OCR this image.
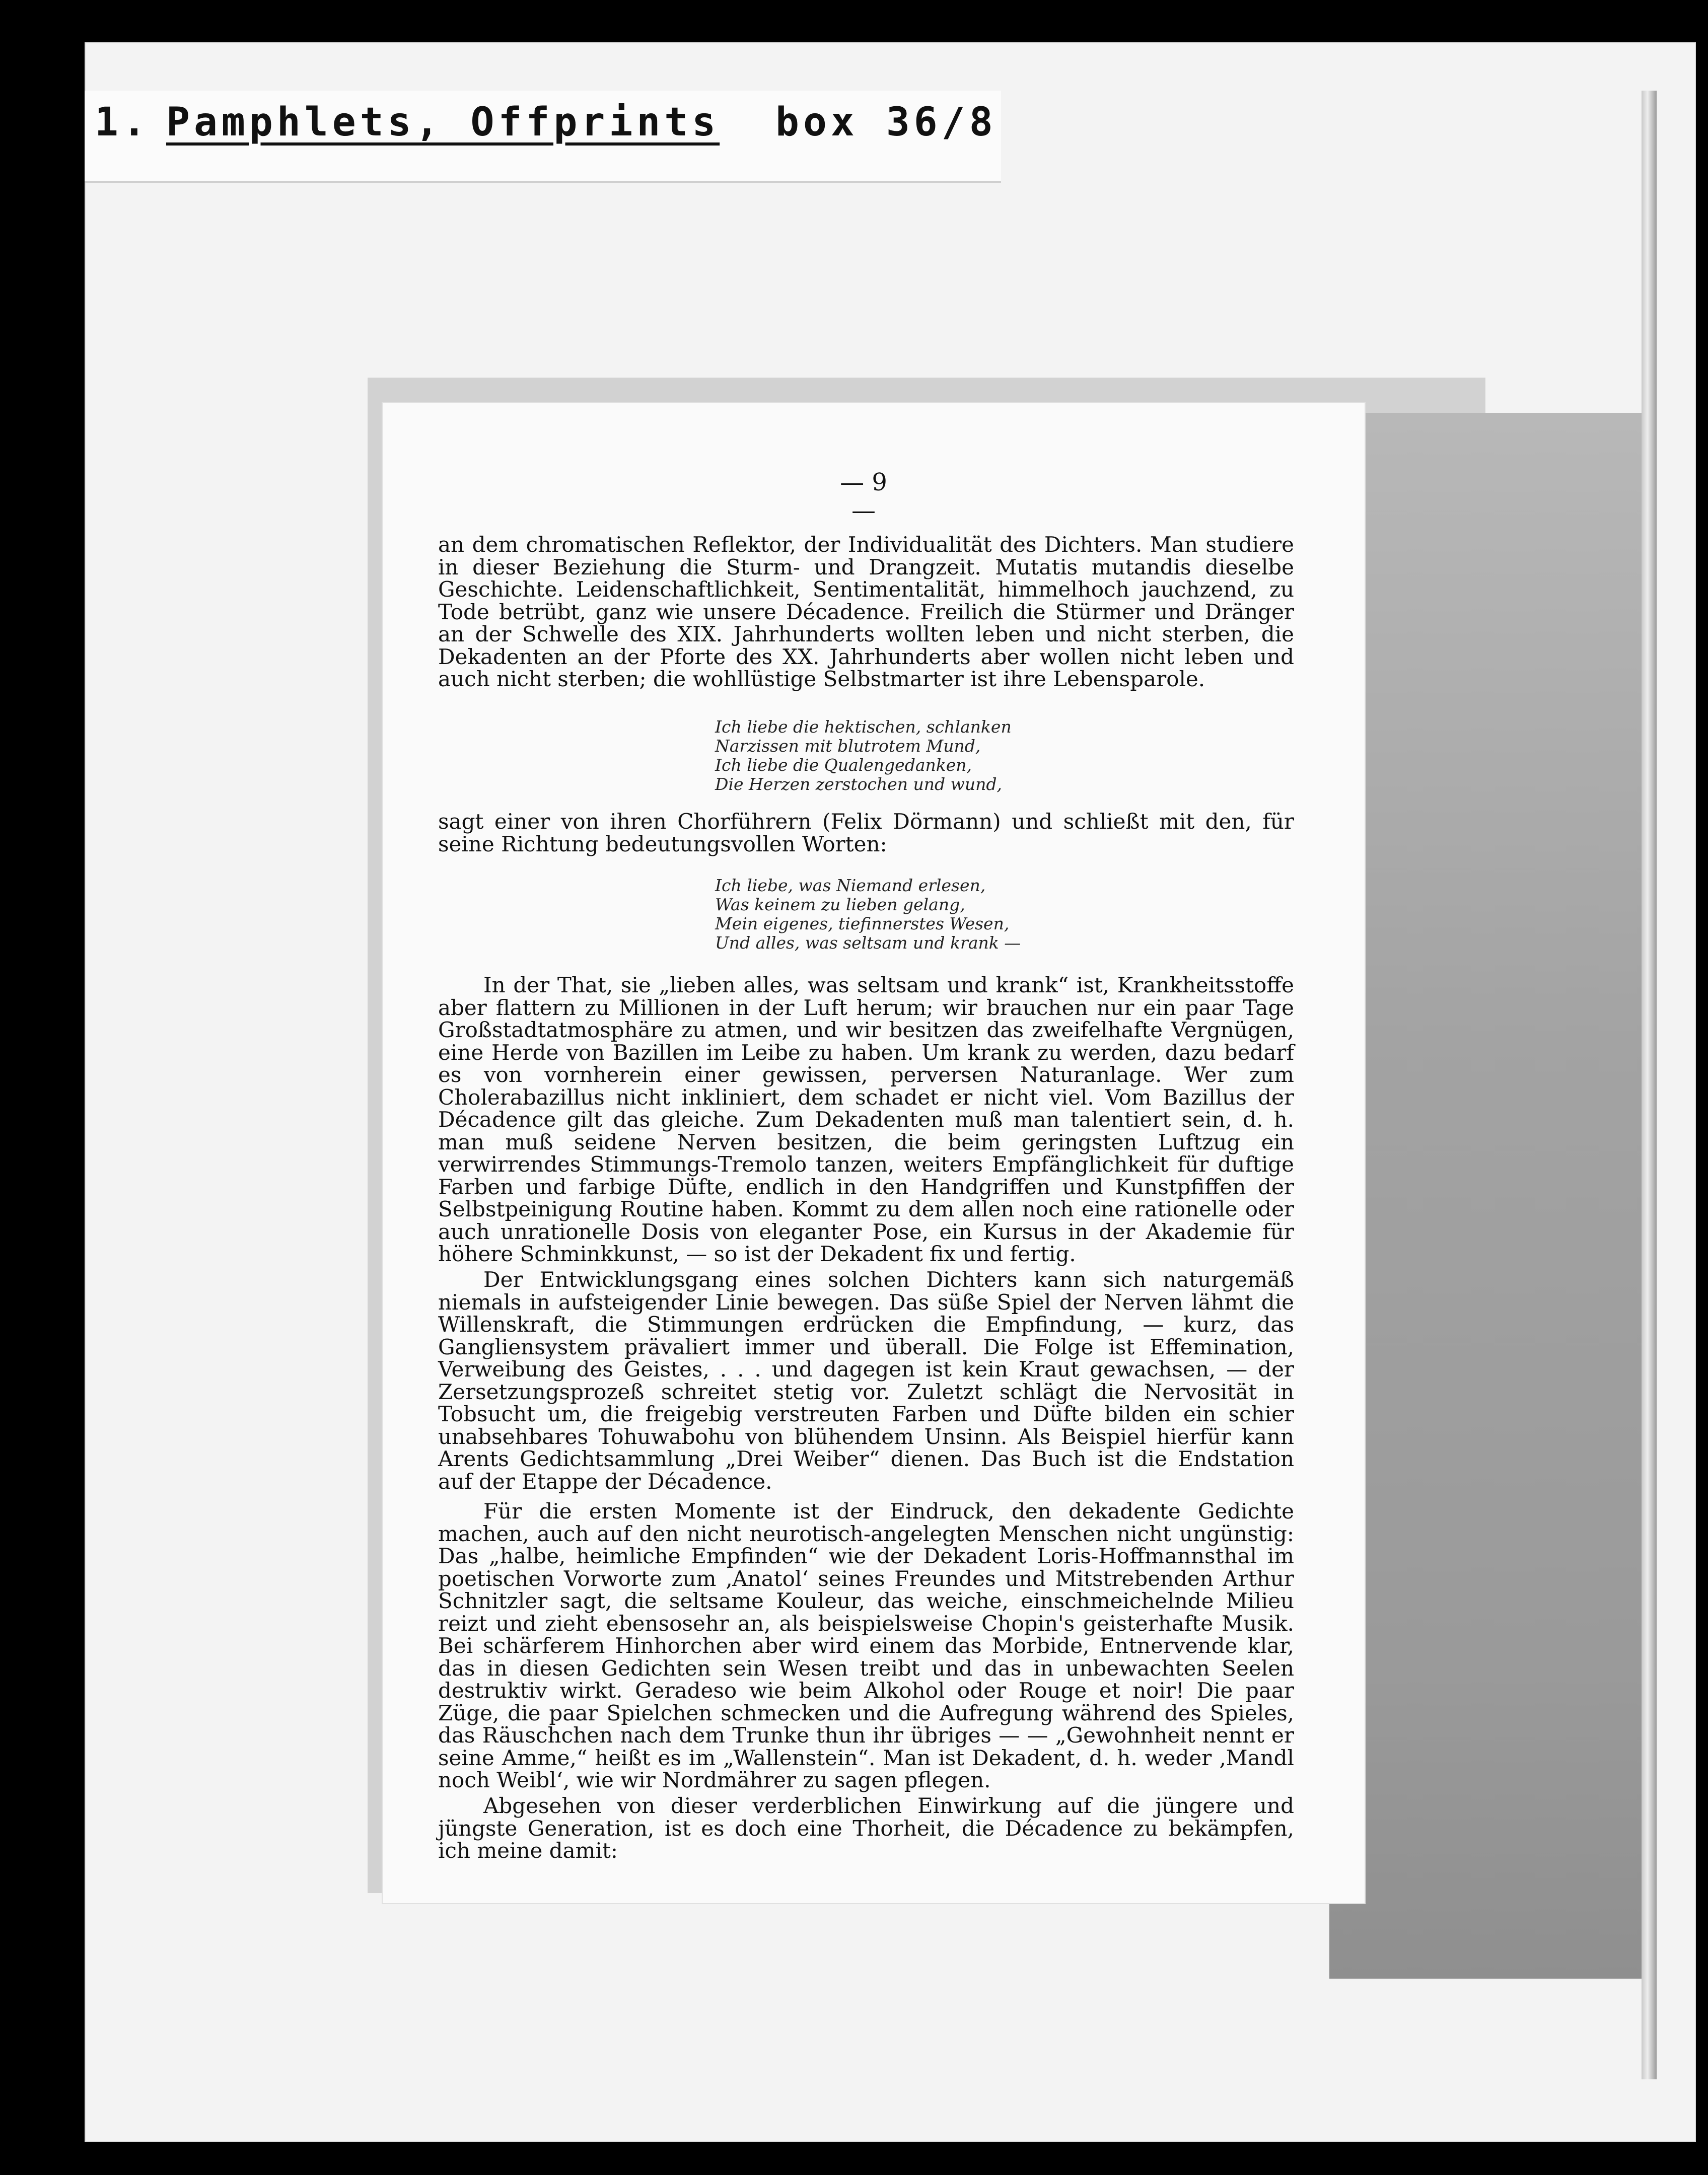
1. Pamphlets, Offprints box 36/8
— 9 —
an dem chromatischen Reflektor, der Individualität des Dichters. Man studiere in dieser Beziehung die Sturm- und Drangzeit. Mutatis mutandis dieselbe Geschichte. Leidenschaftlichkeit, Sentimentalität, himmelhoch jauchzend, zu Tode betrübt, ganz wie unsere Décadence. Freilich die Stürmer und Dränger an der Schwelle des XIX. Jahrhunderts wollten leben und nicht sterben, die Dekadenten an der Pforte des XX. Jahrhunderts aber wollen nicht leben und auch nicht sterben; die wohllüstige Selbstmarter ist ihre Lebensparole.
Ich liebe die hektischen, schlanken
Narzissen mit blutrotem Mund,
Ich liebe die Qualengedanken,
Die Herzen zerstochen und wund,
sagt einer von ihren Chorführern (Felix Dörmann) und schließt mit den, für seine Richtung bedeutungsvollen Worten:
Ich liebe, was Niemand erlesen,
Was keinem zu lieben gelang,
Mein eigenes, tiefinnerstes Wesen,
Und alles, was seltsam und krank —
In der That, sie „lieben alles, was seltsam und krank“ ist, Krankheitsstoffe aber flattern zu Millionen in der Luft herum; wir brauchen nur ein paar Tage Großstadtatmosphäre zu atmen, und wir besitzen das zweifelhafte Vergnügen, eine Herde von Bazillen im Leibe zu haben. Um krank zu werden, dazu bedarf es von vornherein einer gewissen, perversen Naturanlage. Wer zum Cholerabazillus nicht inkliniert, dem schadet er nicht viel. Vom Bazillus der Décadence gilt das gleiche. Zum Dekadenten muß man talentiert sein, d. h. man muß seidene Nerven besitzen, die beim geringsten Luftzug ein verwirrendes Stimmungs-Tremolo tanzen, weiters Empfänglichkeit für duftige Farben und farbige Düfte, endlich in den Handgriffen und Kunstpfiffen der Selbstpeinigung Routine haben. Kommt zu dem allen noch eine rationelle oder auch unrationelle Dosis von eleganter Pose, ein Kursus in der Akademie für höhere Schminkkunst, — so ist der Dekadent fix und fertig.
Der Entwicklungsgang eines solchen Dichters kann sich naturgemäß niemals in aufsteigender Linie bewegen. Das süße Spiel der Nerven lähmt die Willenskraft, die Stimmungen erdrücken die Empfindung, — kurz, das Gangliensystem prävaliert immer und überall. Die Folge ist Effemination, Verweibung des Geistes, . . . und dagegen ist kein Kraut gewachsen, — der Zersetzungsprozeß schreitet stetig vor. Zuletzt schlägt die Nervosität in Tobsucht um, die freigebig verstreuten Farben und Düfte bilden ein schier unabsehbares Tohuwabohu von blühendem Unsinn. Als Beispiel hierfür kann Arents Gedichtsammlung „Drei Weiber“ dienen. Das Buch ist die Endstation auf der Etappe der Décadence.
Für die ersten Momente ist der Eindruck, den dekadente Gedichte machen, auch auf den nicht neurotisch-angelegten Menschen nicht ungünstig: Das „halbe, heimliche Empfinden“ wie der Dekadent Loris-Hoffmannsthal im poetischen Vorworte zum ‚Anatol‘ seines Freundes und Mitstrebenden Arthur Schnitzler sagt, die seltsame Kouleur, das weiche, einschmeichelnde Milieu reizt und zieht ebensosehr an, als beispielsweise Chopin's geisterhafte Musik. Bei schärferem Hinhorchen aber wird einem das Morbide, Entnervende klar, das in diesen Gedichten sein Wesen treibt und das in unbewachten Seelen destruktiv wirkt. Geradeso wie beim Alkohol oder Rouge et noir! Die paar Züge, die paar Spielchen schmecken und die Aufregung während des Spieles, das Räuschchen nach dem Trunke thun ihr übriges — — „Gewohnheit nennt er seine Amme,“ heißt es im „Wallenstein“. Man ist Dekadent, d. h. weder ‚Mandl noch Weibl‘, wie wir Nordmährer zu sagen pflegen.
Abgesehen von dieser verderblichen Einwirkung auf die jüngere und jüngste Generation, ist es doch eine Thorheit, die Décadence zu bekämpfen, ich meine damit:
